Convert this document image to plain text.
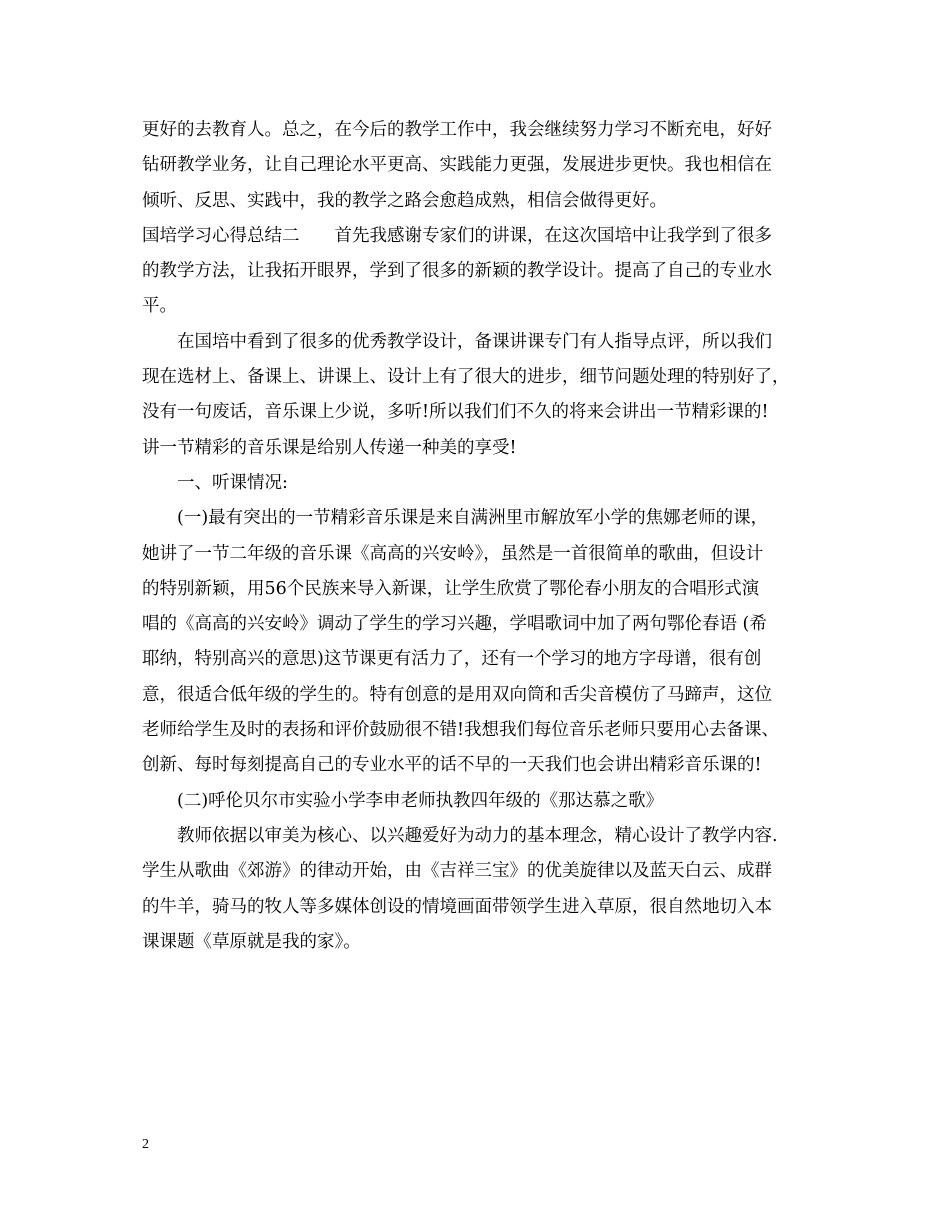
更好的去教育人。总之，在今后的教学工作中，我会继续努力学习不断充电，好好
钻研教学业务，让自己理论水平更高、实践能力更强，发展进步更快。我也相信在
倾听、反思、实践中，我的教学之路会愈趋成熟，相信会做得更好。
国培学习心得总结二　　首先我感谢专家们的讲课，在这次国培中让我学到了很多
的教学方法，让我拓开眼界，学到了很多的新颖的教学设计。提高了自己的专业水
平。
　　在国培中看到了很多的优秀教学设计，备课讲课专门有人指导点评，所以我们
现在选材上、备课上、讲课上、设计上有了很大的进步，细节问题处理的特别好了，
没有一句废话，音乐课上少说，多听!所以我们们不久的将来会讲出一节精彩课的!
讲一节精彩的音乐课是给别人传递一种美的享受!
　　一、听课情况:
　　(一)最有突出的一节精彩音乐课是来自满洲里市解放军小学的焦娜老师的课，
她讲了一节二年级的音乐课《高高的兴安岭》，虽然是一首很简单的歌曲，但设计
的特别新颖，用56个民族来导入新课，让学生欣赏了鄂伦春小朋友的合唱形式演
唱的《高高的兴安岭》调动了学生的学习兴趣，学唱歌词中加了两句鄂伦春语 (希
耶纳，特别高兴的意思)这节课更有活力了，还有一个学习的地方字母谱，很有创
意，很适合低年级的学生的。特有创意的是用双向筒和舌尖音模仿了马蹄声，这位
老师给学生及时的表扬和评价鼓励很不错!我想我们每位音乐老师只要用心去备课、
创新、每时每刻提高自己的专业水平的话不早的一天我们也会讲出精彩音乐课的!
　　(二)呼伦贝尔市实验小学李申老师执教四年级的《那达慕之歌》
　　教师依据以审美为核心、以兴趣爱好为动力的基本理念，精心设计了教学内容.
学生从歌曲《郊游》的律动开始，由《吉祥三宝》的优美旋律以及蓝天白云、成群
的牛羊，骑马的牧人等多媒体创设的情境画面带领学生进入草原，很自然地切入本
课课题《草原就是我的家》。
2
